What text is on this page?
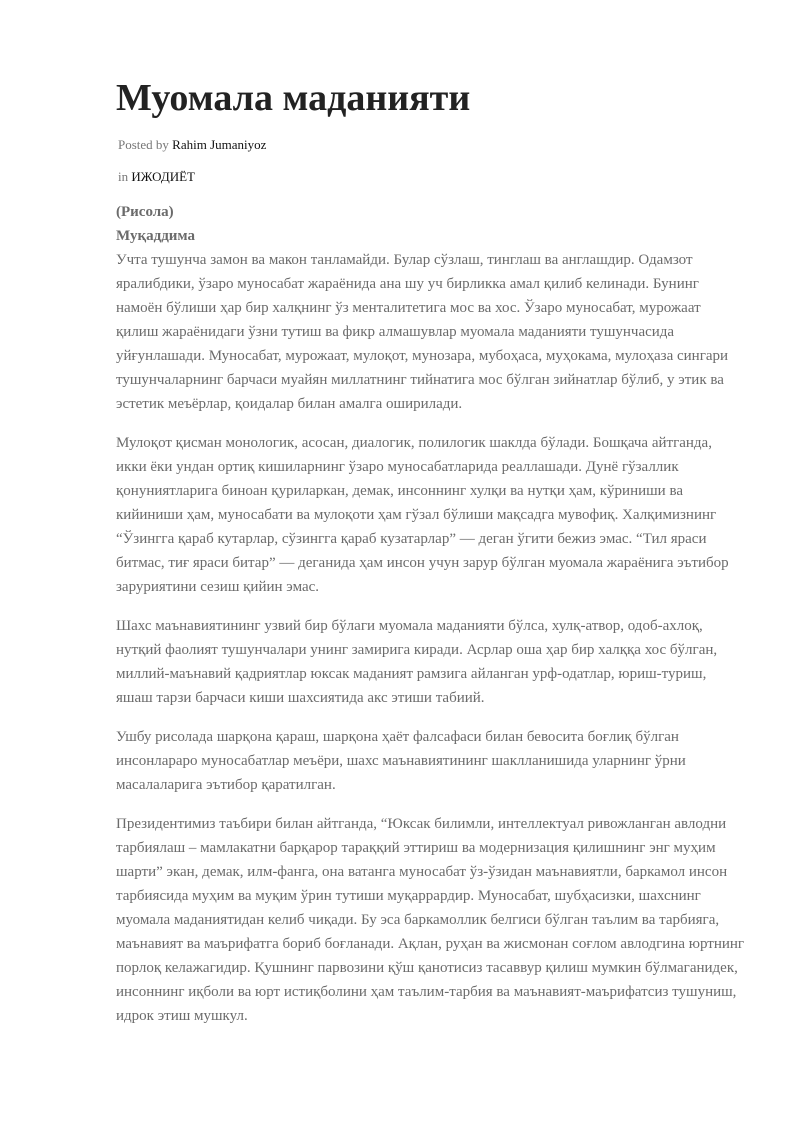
Муомала маданияти
Posted by Rahim Jumaniyoz
in ИЖОДИЁТ

(Рисола)
Муқаддима
Учта тушунча замон ва макон танламайди. Булар сўзлаш, тинглаш ва англашдир. Одамзот яралибдики, ўзаро муносабат жараёнида ана шу уч бирликка амал қилиб келинади. Бунинг намоён бўлиши ҳар бир халқнинг ўз менталитетига мос ва хос. Ўзаро муносабат, мурожаат қилиш жараёнидаги ўзни тутиш ва фикр алмашувлар муомала маданияти тушунчасида уйғунлашади. Муносабат, мурожаат, мулоқот, мунозара, мубоҳаса, муҳокама, мулоҳаза сингари тушунчаларнинг барчаси муайян миллатнинг тийнатига мос бўлган зийнатлар бўлиб, у этик ва эстетик меъёрлар, қоидалар билан амалга оширилади.

Мулоқот қисман монологик, асосан, диалогик, полилогик шаклда бўлади. Бошқача айтганда, икки ёки ундан ортиқ кишиларнинг ўзаро муносабатларида реаллашади. Дунё гўзаллик қонуниятларига биноан қуриларкан, демак, инсоннинг хулқи ва нутқи ҳам, кўриниши ва кийиниши ҳам, муносабати ва мулоқоти ҳам гўзал бўлиши мақсадга мувофиқ. Халқимизнинг “Ўзингга қараб кутарлар, сўзингга қараб кузатарлар” — деган ўгити бежиз эмас. “Тил яраси битмас, тиғ яраси битар” — деганида ҳам инсон учун зарур бўлган муомала жараёнига эътибор заруриятини сезиш қийин эмас.

Шахс маънавиятининг узвий бир бўлаги муомала маданияти бўлса, хулқ-атвор, одоб-ахлоқ, нутқий фаолият тушунчалари унинг замирига киради. Асрлар оша ҳар бир халққа хос бўлган, миллий-маънавий қадриятлар юксак маданият рамзига айланган урф-одатлар, юриш-туриш, яшаш тарзи барчаси киши шахсиятида акс этиши табиий.

Ушбу рисолада шарқона қараш, шарқона ҳаёт фалсафаси билан бевосита боғлиқ бўлган инсонлараро муносабатлар меъёри, шахс маънавиятининг шаклланишида уларнинг ўрни масалаларига эътибор қаратилган.

Президентимиз таъбири билан айтганда, “Юксак билимли, интеллектуал ривожланган авлодни тарбиялаш – мамлакатни барқарор тараққий эттириш ва модернизация қилишнинг энг муҳим шарти” экан, демак, илм-фанга, она ватанга муносабат ўз-ўзидан маънавиятли, баркамол инсон тарбиясида муҳим ва муқим ўрин тутиши муқаррардир. Муносабат, шубҳасизки, шахснинг муомала маданиятидан келиб чиқади. Бу эса баркамоллик белгиси бўлган таълим ва тарбияга, маънавият ва маърифатга бориб боғланади. Ақлан, руҳан ва жисмонан соғлом авлодгина юртнинг порлоқ келажагидир. Қушнинг парвозини қўш қанотисиз тасаввур қилиш мумкин бўлмаганидек, инсоннинг иқболи ва юрт истиқболини ҳам таълим-тарбия ва маънавият-маърифатсиз тушуниш, идрок этиш мушкул.
